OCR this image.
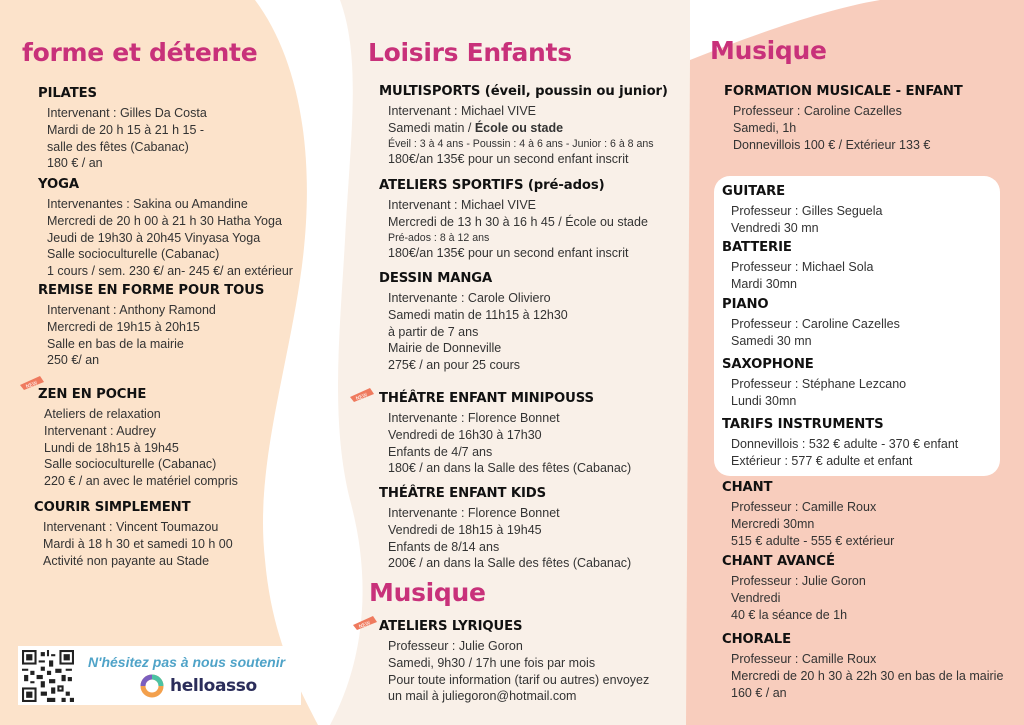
forme et détente
PILATES
Intervenant : Gilles Da Costa
Mardi de 20 h 15 à 21 h 15 -
salle des fêtes (Cabanac)
180 € / an
YOGA
Intervenantes : Sakina ou Amandine
Mercredi de 20 h 00 à 21 h 30 Hatha Yoga
Jeudi de 19h30 à 20h45 Vinyasa Yoga
Salle socioculturelle (Cabanac)
1 cours / sem. 230 €/ an- 245 €/ an extérieur
REMISE EN FORME POUR TOUS
Intervenant : Anthony Ramond
Mercredi de 19h15 à 20h15
Salle en bas de la mairie
250 €/ an
NEW
ZEN EN POCHE
Ateliers de relaxation
Intervenant : Audrey
Lundi de 18h15 à 19h45
Salle socioculturelle (Cabanac)
220 € / an avec le matériel compris
COURIR SIMPLEMENT
Intervenant : Vincent Toumazou
Mardi à 18 h 30 et samedi 10 h 00
Activité non payante au Stade
N'hésitez pas à nous soutenir
helloasso
Loisirs Enfants
MULTISPORTS (éveil, poussin ou junior)
Intervenant : Michael VIVE
Samedi matin / École ou stade
Éveil : 3 à 4 ans - Poussin : 4 à 6 ans - Junior : 6 à 8 ans
180€/an 135€ pour un second enfant inscrit
ATELIERS SPORTIFS (pré-ados)
Intervenant : Michael VIVE
Mercredi de 13 h 30 à 16 h 45 / École ou stade
Pré-ados : 8 à 12 ans
180€/an 135€ pour un second enfant inscrit
DESSIN MANGA
Intervenante : Carole Oliviero
Samedi matin de 11h15 à 12h30
à partir de 7 ans
Mairie de Donneville
275€ / an pour 25 cours
NEW THÉÂTRE ENFANT MINIPOUSS
Intervenante : Florence Bonnet
Vendredi de 16h30 à 17h30
Enfants de 4/7 ans
180€ / an dans la Salle des fêtes (Cabanac)
THÉÂTRE ENFANT KIDS
Intervenante : Florence Bonnet
Vendredi de 18h15 à 19h45
Enfants de 8/14 ans
200€ / an dans la Salle des fêtes (Cabanac)
Musique
NEW ATELIERS LYRIQUES
Professeur : Julie Goron
Samedi, 9h30 / 17h une fois par mois
Pour toute information (tarif ou autres) envoyez
un mail à juliegoron@hotmail.com
Musique
FORMATION MUSICALE - ENFANT
Professeur : Caroline Cazelles
Samedi, 1h
Donnevillois 100 € / Extérieur 133 €
GUITARE
Professeur : Gilles Seguela
Vendredi 30 mn
BATTERIE
Professeur : Michael Sola
Mardi 30mn
PIANO
Professeur : Caroline Cazelles
Samedi 30 mn
SAXOPHONE
Professeur : Stéphane Lezcano
Lundi 30mn
TARIFS INSTRUMENTS
Donnevillois : 532 € adulte - 370 € enfant
Extérieur : 577 € adulte et enfant
CHANT
Professeur : Camille Roux
Mercredi 30mn
515 € adulte - 555 € extérieur
CHANT AVANCÉ
Professeur : Julie Goron
Vendredi
40 € la séance de 1h
CHORALE
Professeur : Camille Roux
Mercredi de 20 h 30 à 22h 30 en bas de la mairie
160 € / an
